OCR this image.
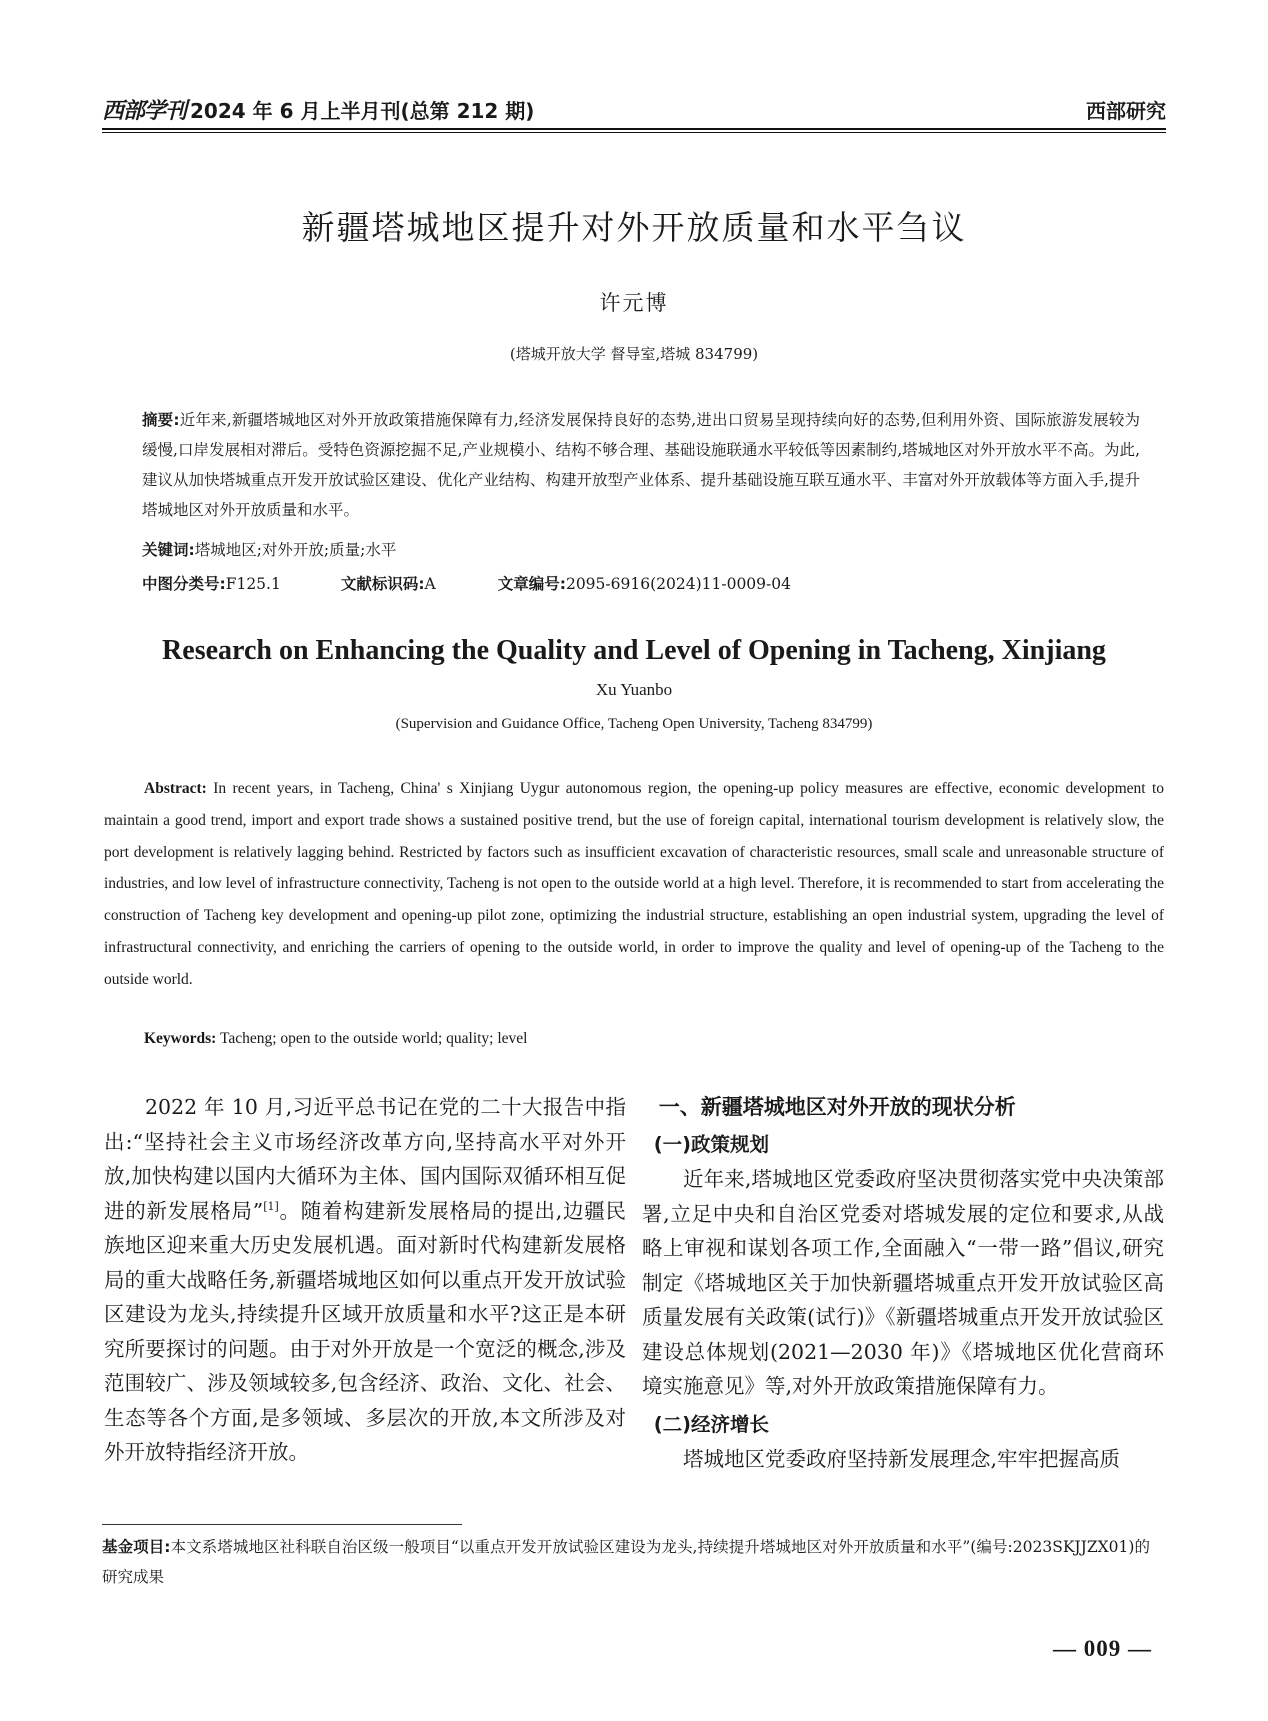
西部学刊 2024 年 6 月上半月刊(总第 212 期)	西部研究
新疆塔城地区提升对外开放质量和水平刍议
许元博
(塔城开放大学 督导室,塔城 834799)
摘要:近年来,新疆塔城地区对外开放政策措施保障有力,经济发展保持良好的态势,进出口贸易呈现持续向好的态势,但利用外资、国际旅游发展较为缓慢,口岸发展相对滞后。受特色资源挖掘不足,产业规模小、结构不够合理、基础设施联通水平较低等因素制约,塔城地区对外开放水平不高。为此,建议从加快塔城重点开发开放试验区建设、优化产业结构、构建开放型产业体系、提升基础设施互联互通水平、丰富对外开放载体等方面入手,提升塔城地区对外开放质量和水平。
关键词:塔城地区;对外开放;质量;水平
中图分类号:F125.1	文献标识码:A	文章编号:2095-6916(2024)11-0009-04
Research on Enhancing the Quality and Level of Opening in Tacheng, Xinjiang
Xu Yuanbo
(Supervision and Guidance Office, Tacheng Open University, Tacheng 834799)
Abstract: In recent years, in Tacheng, China' s Xinjiang Uygur autonomous region, the opening-up policy measures are effective, economic development to maintain a good trend, import and export trade shows a sustained positive trend, but the use of foreign capital, international tourism development is relatively slow, the port development is relatively lagging behind. Restricted by factors such as insufficient excavation of characteristic resources, small scale and unreasonable structure of industries, and low level of infrastructure connectivity, Tacheng is not open to the outside world at a high level. Therefore, it is recommended to start from accelerating the construction of Tacheng key development and opening-up pilot zone, optimizing the industrial structure, establishing an open industrial system, upgrading the level of infrastructural connectivity, and enriching the carriers of opening to the outside world, in order to improve the quality and level of opening-up of the Tacheng to the outside world.
Keywords: Tacheng; open to the outside world; quality; level

2022 年 10 月,习近平总书记在党的二十大报告中指出:“坚持社会主义市场经济改革方向,坚持高水平对外开放,加快构建以国内大循环为主体、国内国际双循环相互促进的新发展格局”[1]。随着构建新发展格局的提出,边疆民族地区迎来重大历史发展机遇。面对新时代构建新发展格局的重大战略任务,新疆塔城地区如何以重点开发开放试验区建设为龙头,持续提升区域开放质量和水平?这正是本研究所要探讨的问题。由于对外开放是一个宽泛的概念,涉及范围较广、涉及领域较多,包含经济、政治、文化、社会、生态等各个方面,是多领域、多层次的开放,本文所涉及对外开放特指经济开放。

一、新疆塔城地区对外开放的现状分析
(一)政策规划

近年来,塔城地区党委政府坚决贯彻落实党中央决策部署,立足中央和自治区党委对塔城发展的定位和要求,从战略上审视和谋划各项工作,全面融入“一带一路”倡议,研究制定《塔城地区关于加快新疆塔城重点开发开放试验区高质量发展有关政策(试行)》《新疆塔城重点开发开放试验区建设总体规划(2021—2030 年)》《塔城地区优化营商环境实施意见》等,对外开放政策措施保障有力。

(二)经济增长

塔城地区党委政府坚持新发展理念,牢牢把握高质

基金项目:本文系塔城地区社科联自治区级一般项目“以重点开发开放试验区建设为龙头,持续提升塔城地区对外开放质量和水平”(编号:2023SKJJZX01)的研究成果
— 009 —
